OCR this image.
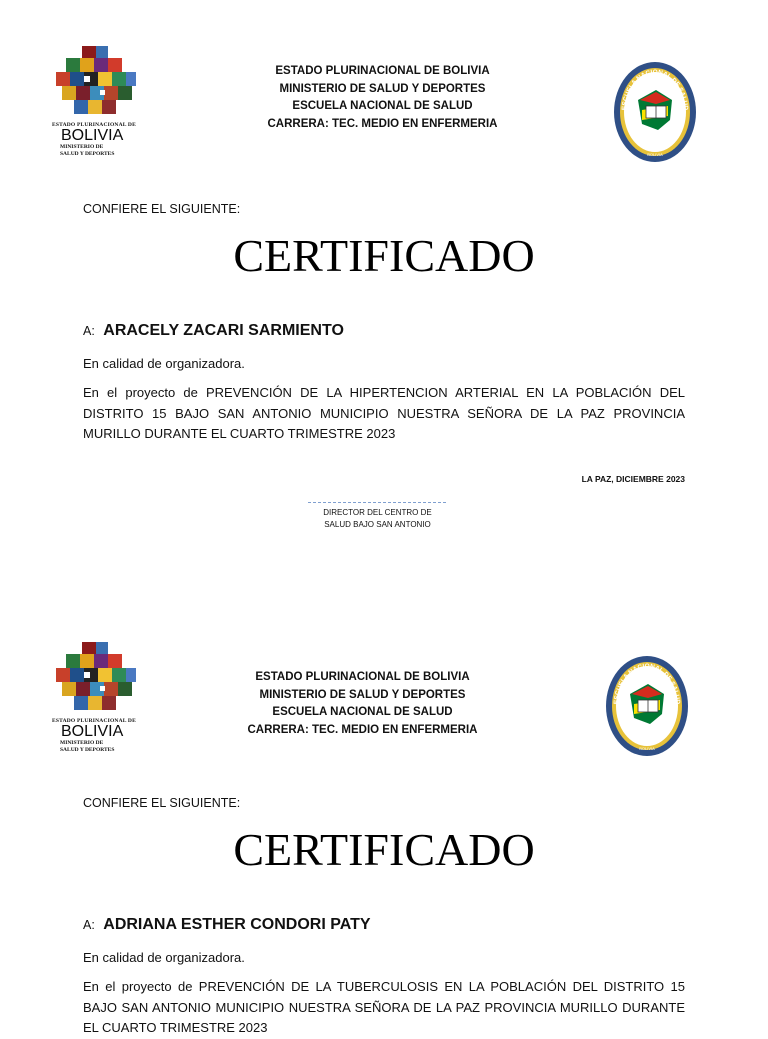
ESTADO PLURINACIONAL DE
BOLIVIA
MINISTERIO DE
SALUD Y DEPORTES
ESTADO PLURINACIONAL DE BOLIVIA
MINISTERIO DE SALUD Y DEPORTES
ESCUELA NACIONAL DE SALUD
CARRERA: TEC. MEDIO EN ENFERMERIA
ESCUELA NACIONAL DE SALUD
BOLIVIA
CONFIERE EL SIGUIENTE:
CERTIFICADO
A: ARACELY ZACARI SARMIENTO
En calidad de organizadora.
En el proyecto de PREVENCIÓN DE LA HIPERTENCION ARTERIAL EN LA POBLACIÓN DEL DISTRITO 15 BAJO SAN ANTONIO MUNICIPIO NUESTRA SEÑORA DE LA PAZ PROVINCIA MURILLO DURANTE EL CUARTO TRIMESTRE 2023
LA PAZ, DICIEMBRE 2023
DIRECTOR DEL CENTRO DE
SALUD BAJO SAN ANTONIO
ESTADO PLURINACIONAL DE
BOLIVIA
MINISTERIO DE
SALUD Y DEPORTES
ESTADO PLURINACIONAL DE BOLIVIA
MINISTERIO DE SALUD Y DEPORTES
ESCUELA NACIONAL DE SALUD
CARRERA: TEC. MEDIO EN ENFERMERIA
ESCUELA NACIONAL DE SALUD
BOLIVIA
CONFIERE EL SIGUIENTE:
CERTIFICADO
A: ADRIANA ESTHER CONDORI PATY
En calidad de organizadora.
En el proyecto de PREVENCIÓN DE LA TUBERCULOSIS EN LA POBLACIÓN DEL DISTRITO 15 BAJO SAN ANTONIO MUNICIPIO NUESTRA SEÑORA DE LA PAZ PROVINCIA MURILLO DURANTE EL CUARTO TRIMESTRE 2023
